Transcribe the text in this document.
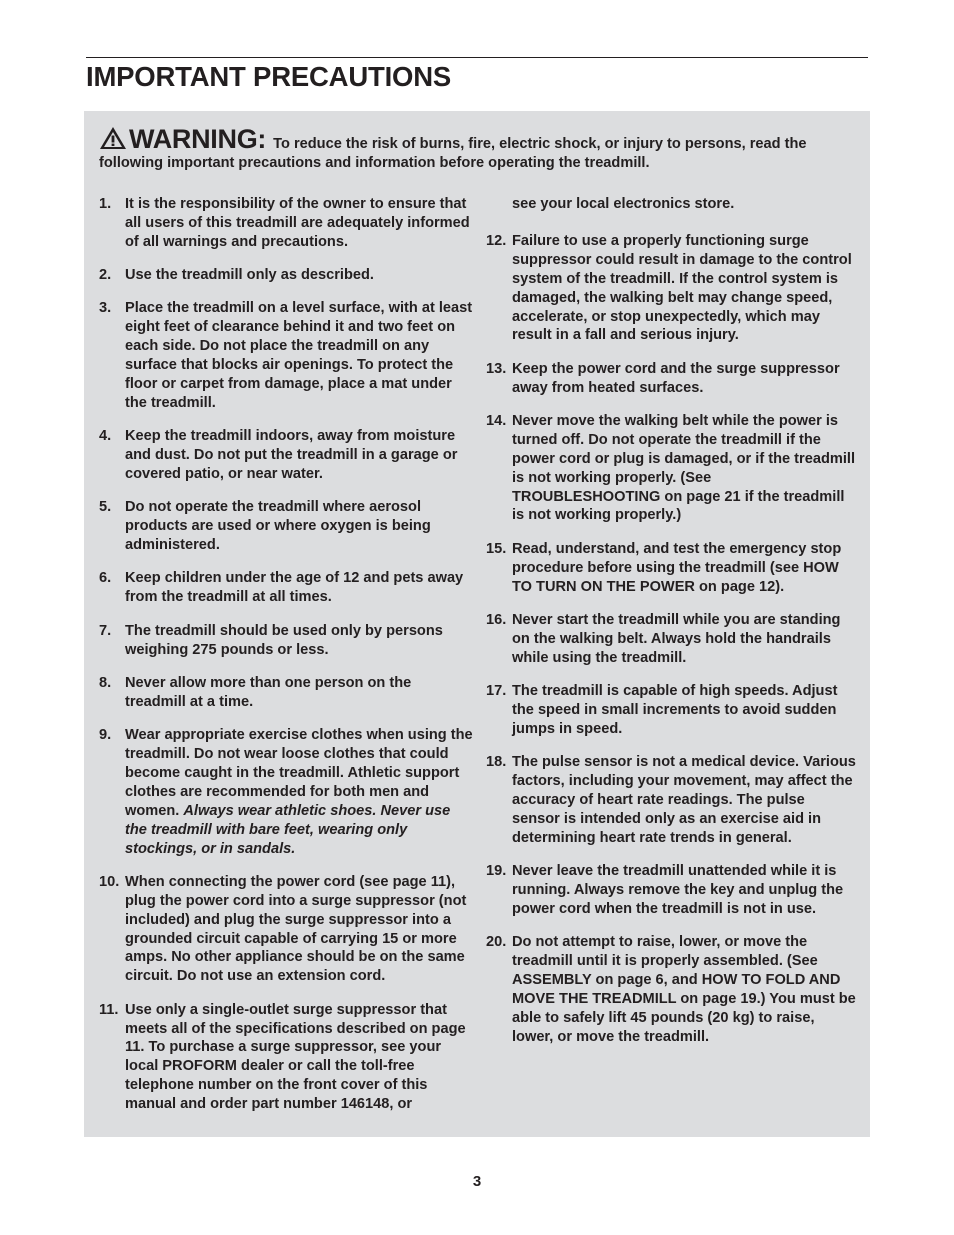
IMPORTANT PRECAUTIONS

WARNING: To reduce the risk of burns, fire, electric shock, or injury to persons, read the following important precautions and information before operating the treadmill.

1. It is the responsibility of the owner to ensure that all users of this treadmill are adequately informed of all warnings and precautions.
2. Use the treadmill only as described.
3. Place the treadmill on a level surface, with at least eight feet of clearance behind it and two feet on each side. Do not place the treadmill on any surface that blocks air openings. To protect the floor or carpet from damage, place a mat under the treadmill.
4. Keep the treadmill indoors, away from moisture and dust. Do not put the treadmill in a garage or covered patio, or near water.
5. Do not operate the treadmill where aerosol products are used or where oxygen is being administered.
6. Keep children under the age of 12 and pets away from the treadmill at all times.
7. The treadmill should be used only by persons weighing 275 pounds or less.
8. Never allow more than one person on the treadmill at a time.
9. Wear appropriate exercise clothes when using the treadmill. Do not wear loose clothes that could become caught in the treadmill. Athletic support clothes are recommended for both men and women. Always wear athletic shoes. Never use the treadmill with bare feet, wearing only stockings, or in sandals.
10. When connecting the power cord (see page 11), plug the power cord into a surge suppressor (not included) and plug the surge suppressor into a grounded circuit capable of carrying 15 or more amps. No other appliance should be on the same circuit. Do not use an extension cord.
11. Use only a single-outlet surge suppressor that meets all of the specifications described on page 11. To purchase a surge suppressor, see your local PROFORM dealer or call the toll-free telephone number on the front cover of this manual and order part number 146148, or
see your local electronics store.
12. Failure to use a properly functioning surge suppressor could result in damage to the control system of the treadmill. If the control system is damaged, the walking belt may change speed, accelerate, or stop unexpectedly, which may result in a fall and serious injury.
13. Keep the power cord and the surge suppressor away from heated surfaces.
14. Never move the walking belt while the power is turned off. Do not operate the treadmill if the power cord or plug is damaged, or if the treadmill is not working properly. (See TROUBLESHOOTING on page 21 if the treadmill is not working properly.)
15. Read, understand, and test the emergency stop procedure before using the treadmill (see HOW TO TURN ON THE POWER on page 12).
16. Never start the treadmill while you are standing on the walking belt. Always hold the handrails while using the treadmill.
17. The treadmill is capable of high speeds. Adjust the speed in small increments to avoid sudden jumps in speed.
18. The pulse sensor is not a medical device. Various factors, including your movement, may affect the accuracy of heart rate readings. The pulse sensor is intended only as an exercise aid in determining heart rate trends in general.
19. Never leave the treadmill unattended while it is running. Always remove the key and unplug the power cord when the treadmill is not in use.
20. Do not attempt to raise, lower, or move the treadmill until it is properly assembled. (See ASSEMBLY on page 6, and HOW TO FOLD AND MOVE THE TREADMILL on page 19.) You must be able to safely lift 45 pounds (20 kg) to raise, lower, or move the treadmill.

3
